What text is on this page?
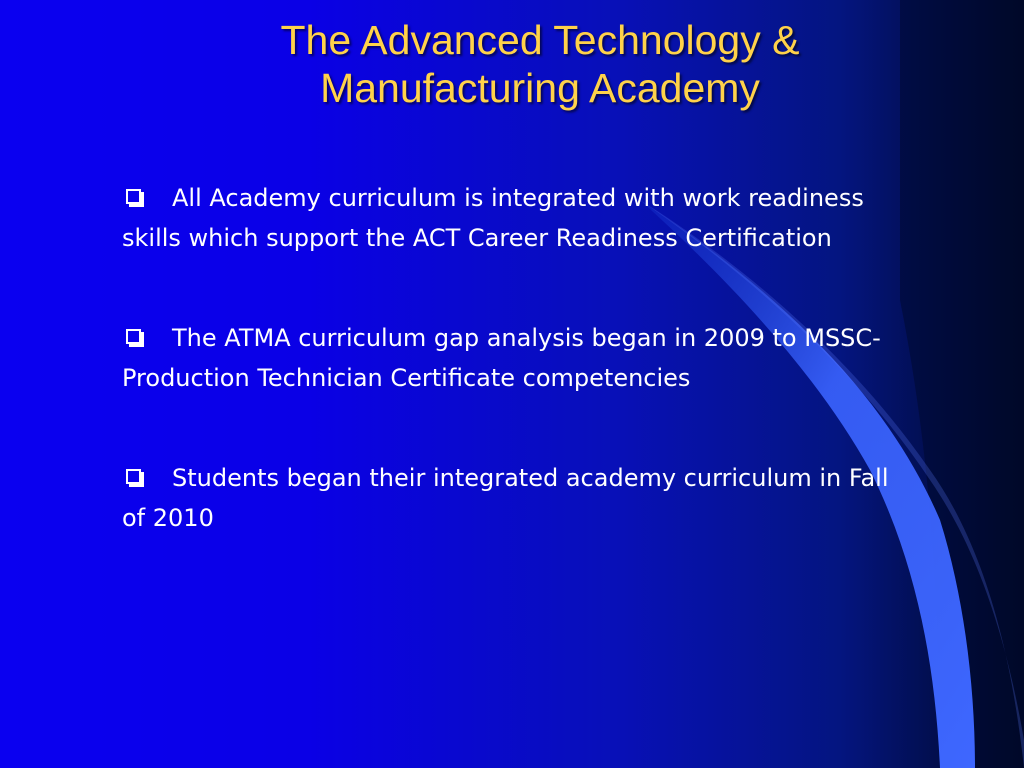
The Advanced Technology &
Manufacturing Academy
All Academy curriculum is integrated with work readiness skills which support the ACT Career Readiness Certification
The ATMA curriculum gap analysis began in 2009 to MSSC-Production Technician Certificate competencies
Students began their integrated academy curriculum in Fall of 2010
